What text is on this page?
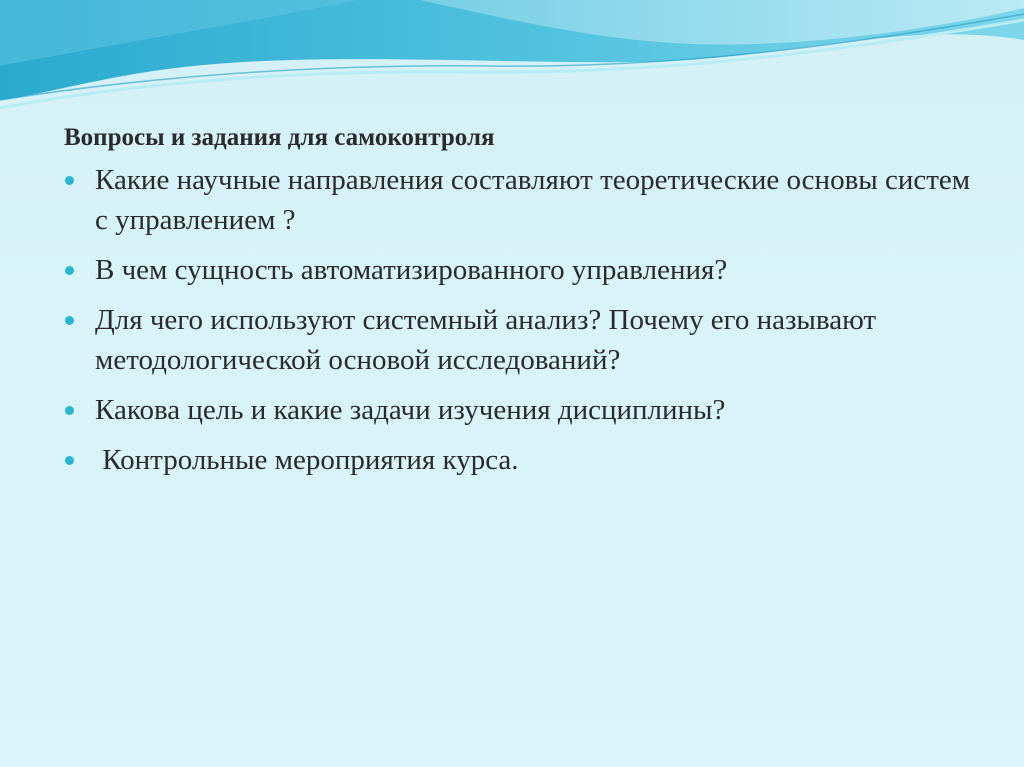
Вопросы и задания для самоконтроля
Какие научные направления составляют теоретические основы систем с управлением ?
В чем сущность автоматизированного управления?
Для чего используют системный анализ? Почему его называют методологической основой исследований?
Какова цель и какие задачи изучения дисциплины?
Контрольные мероприятия курса.
